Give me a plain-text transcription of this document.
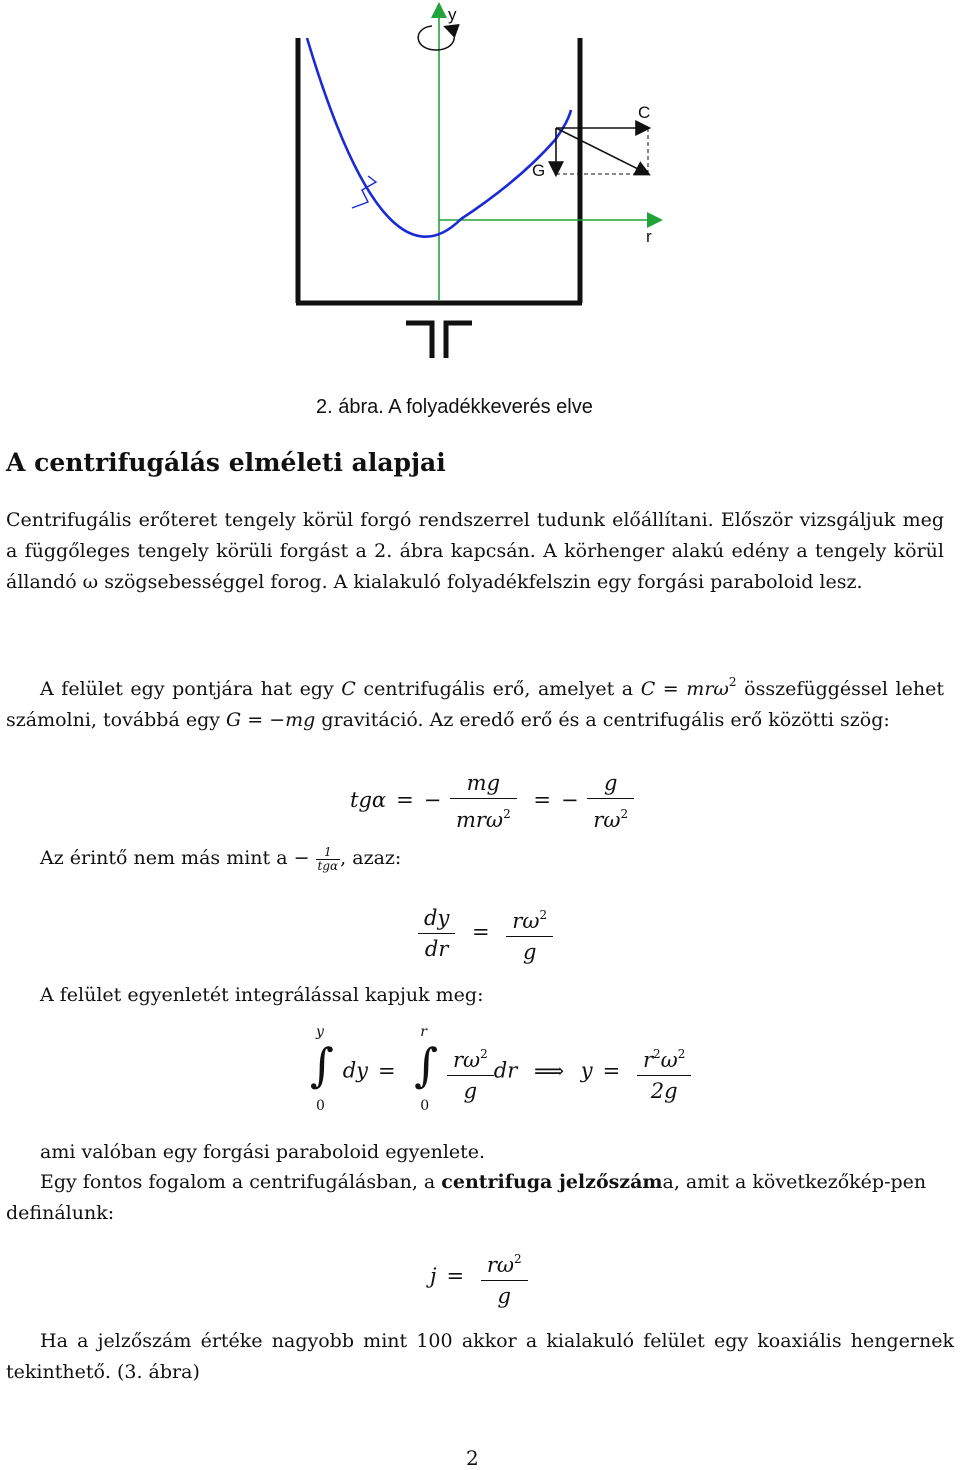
y
r
C
G
2. ábra. A folyadékkeverés elve
A centrifugálás elméleti alapjai
Centrifugális erőteret tengely körül forgó rendszerrel tudunk előállítani. Először vizsgáljuk meg a függőleges tengely körüli forgást a 2. ábra kapcsán. A körhenger alakú edény a tengely körül állandó ω szögsebességgel forog. A kialakuló folyadékfelszin egy forgási paraboloid lesz.
A felület egy pontjára hat egy C centrifugális erő, amelyet a C = mrω$^2$ összefüggéssel lehet számolni, továbbá egy G = −mg gravitáció. Az eredő erő és a centrifugális erő közötti szög:
tgα = − $\frac{mg}{mr\omega^2}$ = − $\frac{g}{r\omega^2}$
Az érintő nem más mint $a - \frac{1}{\text{tgα}}$ , azaz:
$\frac{dy}{dr} = \frac{r\omega^2}{g}$
A felület egyenletét integrálással kapjuk meg:
y
∫
0
dy =
r
∫
0

$\frac{r\omega^2}{g}$ dr ⟹ $y = \frac{r^2\omega^2}{2g}$
ami valóban egy forgási paraboloid egyenlete.
Egy fontos fogalom a centrifugálásban, a centrifuga jelzőszáma, amit a következőkép-pen definálunk:
$j = \frac{r\omega^2}{g}$
Ha a jelzőszám értéke nagyobb mint 100 akkor a kialakuló felület egy koaxiális hengernek tekinthető. (3. ábra)
2
